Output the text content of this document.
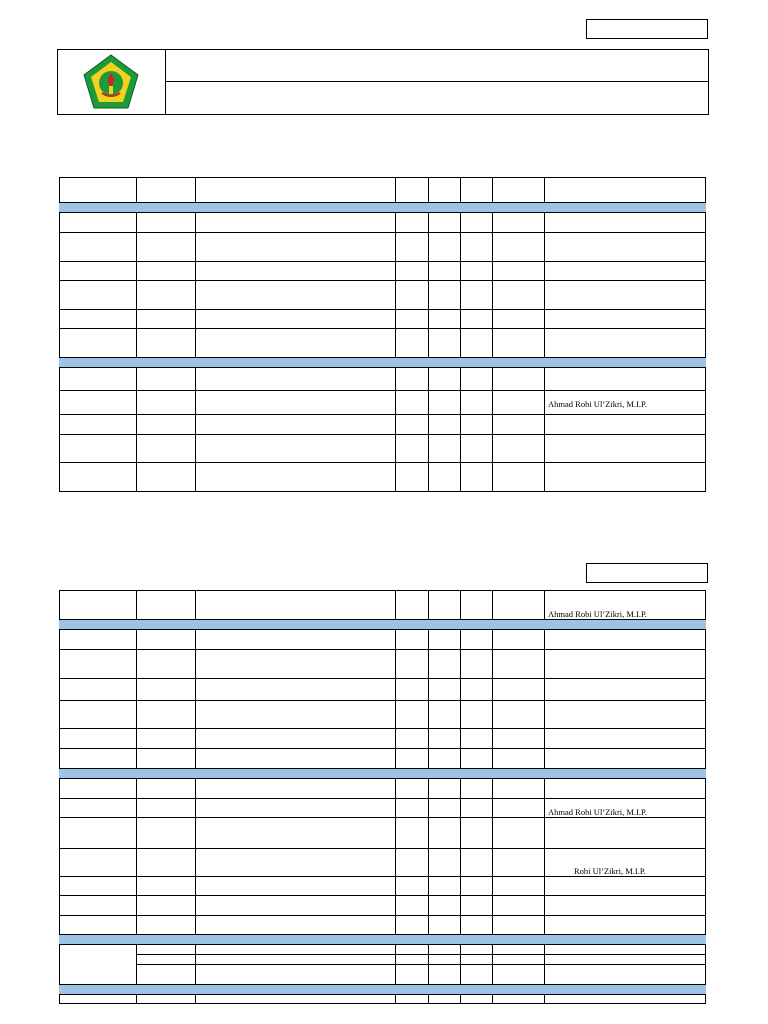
Ahmad Robi Ul’Zikri, M.I.P.
Ahmad Robi Ul’Zikri, M.I.P.
Ahmad Robi Ul’Zikri, M.I.P.
Robi Ul’Zikri, M.I.P.
